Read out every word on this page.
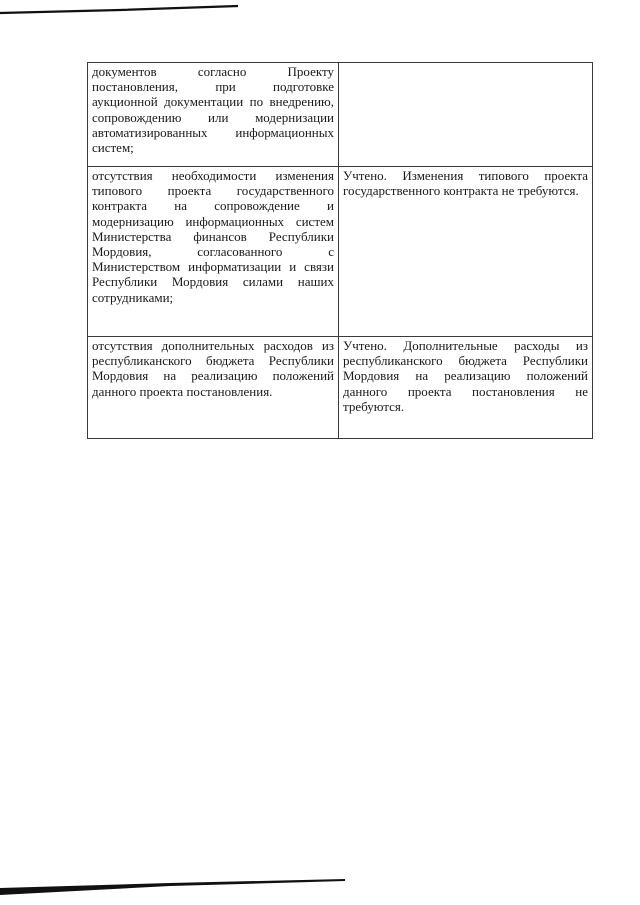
документов согласно Проекту постановления, при подготовке аукционной документации по внедрению, сопровождению или модернизации автоматизированных информационных систем;	
отсутствия необходимости изменения типового проекта государственного контракта на сопровождение и модернизацию информационных систем Министерства финансов Республики Мордовия, согласованного с Министерством информатизации и связи Республики Мордовия силами наших сотрудниками;	Учтено. Изменения типового проекта государственного контракта не требуются.
отсутствия дополнительных расходов из республиканского бюджета Республики Мордовия на реализацию положений данного проекта постановления.	Учтено. Дополнительные расходы из республиканского бюджета Республики Мордовия на реализацию положений данного проекта постановления не требуются.
